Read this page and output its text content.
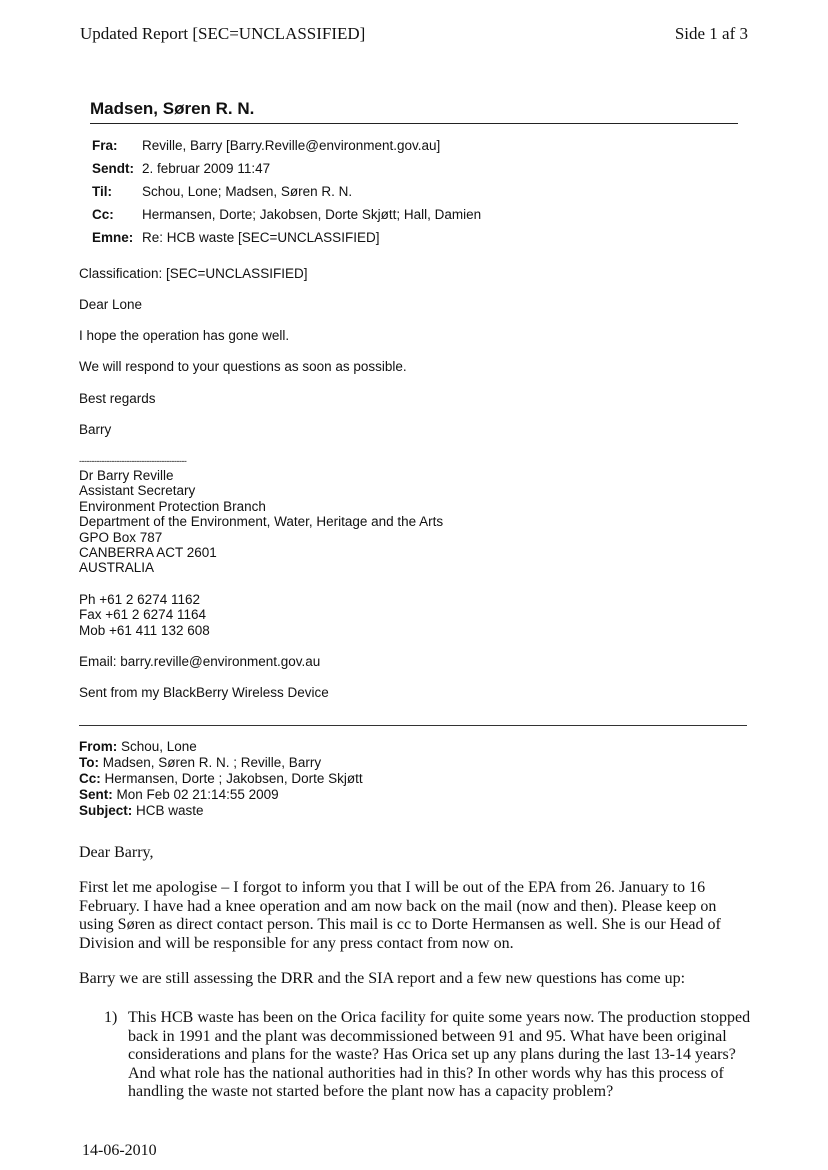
Updated Report [SEC=UNCLASSIFIED]	Side 1 af 3
Madsen, Søren R. N.
Fra: Reville, Barry [Barry.Reville@environment.gov.au]
Sendt: 2. februar 2009 11:47
Til: Schou, Lone; Madsen, Søren R. N.
Cc: Hermansen, Dorte; Jakobsen, Dorte Skjøtt; Hall, Damien
Emne: Re: HCB waste [SEC=UNCLASSIFIED]
Classification: [SEC=UNCLASSIFIED]
Dear Lone
I hope the operation has gone well.
We will respond to your questions as soon as possible.
Best regards
Barry
-------------------------------------------
Dr Barry Reville
Assistant Secretary
Environment Protection Branch
Department of the Environment, Water, Heritage and the Arts
GPO Box 787
CANBERRA ACT 2601
AUSTRALIA
Ph +61 2 6274 1162
Fax +61 2 6274 1164
Mob +61 411 132 608
Email: barry.reville@environment.gov.au
Sent from my BlackBerry Wireless Device
From: Schou, Lone
To: Madsen, Søren R. N. ; Reville, Barry
Cc: Hermansen, Dorte ; Jakobsen, Dorte Skjøtt
Sent: Mon Feb 02 21:14:55 2009
Subject: HCB waste
Dear Barry,
First let me apologise – I forgot to inform you that I will be out of the EPA from 26. January to 16 February. I have had a knee operation and am now back on the mail (now and then). Please keep on using Søren as direct contact person. This mail is cc to Dorte Hermansen as well. She is our Head of Division and will be responsible for any press contact from now on.
Barry we are still assessing the DRR and the SIA report and a few new questions has come up:
1) This HCB waste has been on the Orica facility for quite some years now. The production stopped back in 1991 and the plant was decommissioned between 91 and 95. What have been original considerations and plans for the waste? Has Orica set up any plans during the last 13-14 years? And what role has the national authorities had in this? In other words why has this process of handling the waste not started before the plant now has a capacity problem?
14-06-2010
